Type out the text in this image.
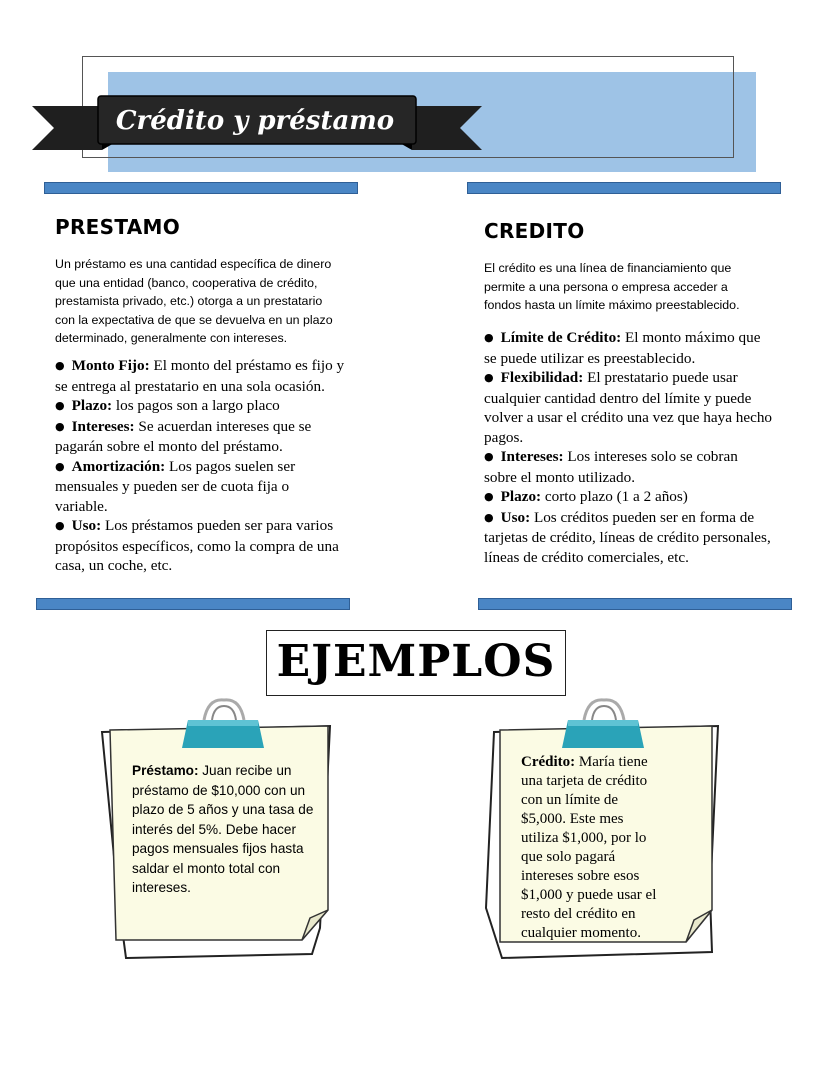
Crédito y préstamo
PRESTAMO
Un préstamo es una cantidad específica de dinero
que una entidad (banco, cooperativa de crédito,
prestamista privado, etc.) otorga a un prestatario
con la expectativa de que se devuelva en un plazo
determinado, generalmente con intereses.
● Monto Fijo: El monto del préstamo es fijo y se entrega al prestatario en una sola ocasión.
● Plazo: los pagos son a largo placo
● Intereses: Se acuerdan intereses que se pagarán sobre el monto del préstamo.
● Amortización: Los pagos suelen ser mensuales y pueden ser de cuota fija o variable.
● Uso: Los préstamos pueden ser para varios propósitos específicos, como la compra de una casa, un coche, etc.
CREDITO
El crédito es una línea de financiamiento que
permite a una persona o empresa acceder a
fondos hasta un límite máximo preestablecido.
● Límite de Crédito: El monto máximo que se puede utilizar es preestablecido.
● Flexibilidad: El prestatario puede usar cualquier cantidad dentro del límite y puede volver a usar el crédito una vez que haya hecho pagos.
● Intereses: Los intereses solo se cobran sobre el monto utilizado.
● Plazo: corto plazo (1 a 2 años)
● Uso: Los créditos pueden ser en forma de tarjetas de crédito, líneas de crédito personales, líneas de crédito comerciales, etc.
EJEMPLOS
Préstamo: Juan recibe un
préstamo de $10,000 con un
plazo de 5 años y una tasa de
interés del 5%. Debe hacer
pagos mensuales fijos hasta
saldar el monto total con
intereses.
Crédito: María tiene
una tarjeta de crédito
con un límite de
$5,000. Este mes
utiliza $1,000, por lo
que solo pagará
intereses sobre esos
$1,000 y puede usar el
resto del crédito en
cualquier momento.
